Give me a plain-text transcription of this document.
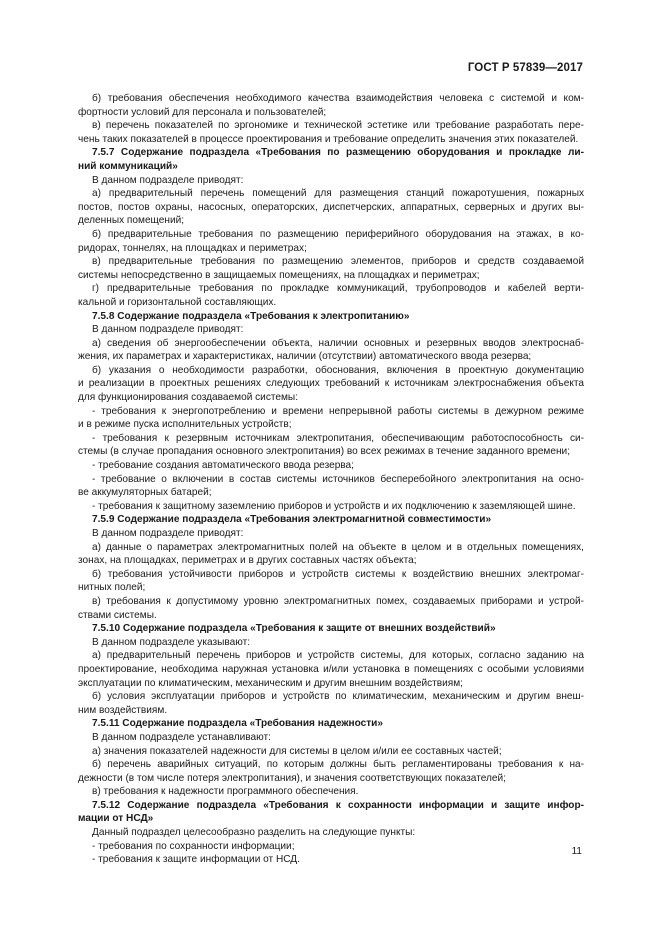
ГОСТ Р 57839—2017
б) требования обеспечения необходимого качества взаимодействия человека с системой и ком-
фортности условий для персонала и пользователей;
в) перечень показателей по эргономике и технической эстетике или требование разработать пере-
чень таких показателей в процессе проектирования и требование определить значения этих показателей.
7.5.7 Содержание подраздела «Требования по размещению оборудования и прокладке ли-
ний коммуникаций»
В данном подразделе приводят:
а) предварительный перечень помещений для размещения станций пожаротушения, пожарных
постов, постов охраны, насосных, операторских, диспетчерских, аппаратных, серверных и других вы-
деленных помещений;
б) предварительные требования по размещению периферийного оборудования на этажах, в ко-
ридорах, тоннелях, на площадках и периметрах;
в) предварительные требования по размещению элементов, приборов и средств создаваемой
системы непосредственно в защищаемых помещениях, на площадках и периметрах;
г) предварительные требования по прокладке коммуникаций, трубопроводов и кабелей верти-
кальной и горизонтальной составляющих.
7.5.8 Содержание подраздела «Требования к электропитанию»
В данном подразделе приводят:
а) сведения об энергообеспечении объекта, наличии основных и резервных вводов электроснаб-
жения, их параметрах и характеристиках, наличии (отсутствии) автоматического ввода резерва;
б) указания о необходимости разработки, обоснования, включения в проектную документацию
и реализации в проектных решениях следующих требований к источникам электроснабжения объекта
для функционирования создаваемой системы:
- требования к энергопотреблению и времени непрерывной работы системы в дежурном режиме
и в режиме пуска исполнительных устройств;
- требования к резервным источникам электропитания, обеспечивающим работоспособность си-
стемы (в случае пропадания основного электропитания) во всех режимах в течение заданного времени;
- требование создания автоматического ввода резерва;
- требование о включении в состав системы источников бесперебойного электропитания на осно-
ве аккумуляторных батарей;
- требования к защитному заземлению приборов и устройств и их подключению к заземляющей шине.
7.5.9 Содержание подраздела «Требования электромагнитной совместимости»
В данном подразделе приводят:
а) данные о параметрах электромагнитных полей на объекте в целом и в отдельных помещениях,
зонах, на площадках, периметрах и в других составных частях объекта;
б) требования устойчивости приборов и устройств системы к воздействию внешних электромаг-
нитных полей;
в) требования к допустимому уровню электромагнитных помех, создаваемых приборами и устрой-
ствами системы.
7.5.10 Содержание подраздела «Требования к защите от внешних воздействий»
В данном подразделе указывают:
а) предварительный перечень приборов и устройств системы, для которых, согласно заданию на
проектирование, необходима наружная установка и/или установка в помещениях с особыми условиями
эксплуатации по климатическим, механическим и другим внешним воздействиям;
б) условия эксплуатации приборов и устройств по климатическим, механическим и другим внеш-
ним воздействиям.
7.5.11 Содержание подраздела «Требования надежности»
В данном подразделе устанавливают:
а) значения показателей надежности для системы в целом и/или ее составных частей;
б) перечень аварийных ситуаций, по которым должны быть регламентированы требования к на-
дежности (в том числе потеря электропитания), и значения соответствующих показателей;
в) требования к надежности программного обеспечения.
7.5.12 Содержание подраздела «Требования к сохранности информации и защите инфор-
мации от НСД»
Данный подраздел целесообразно разделить на следующие пункты:
- требования по сохранности информации;
- требования к защите информации от НСД.
11
